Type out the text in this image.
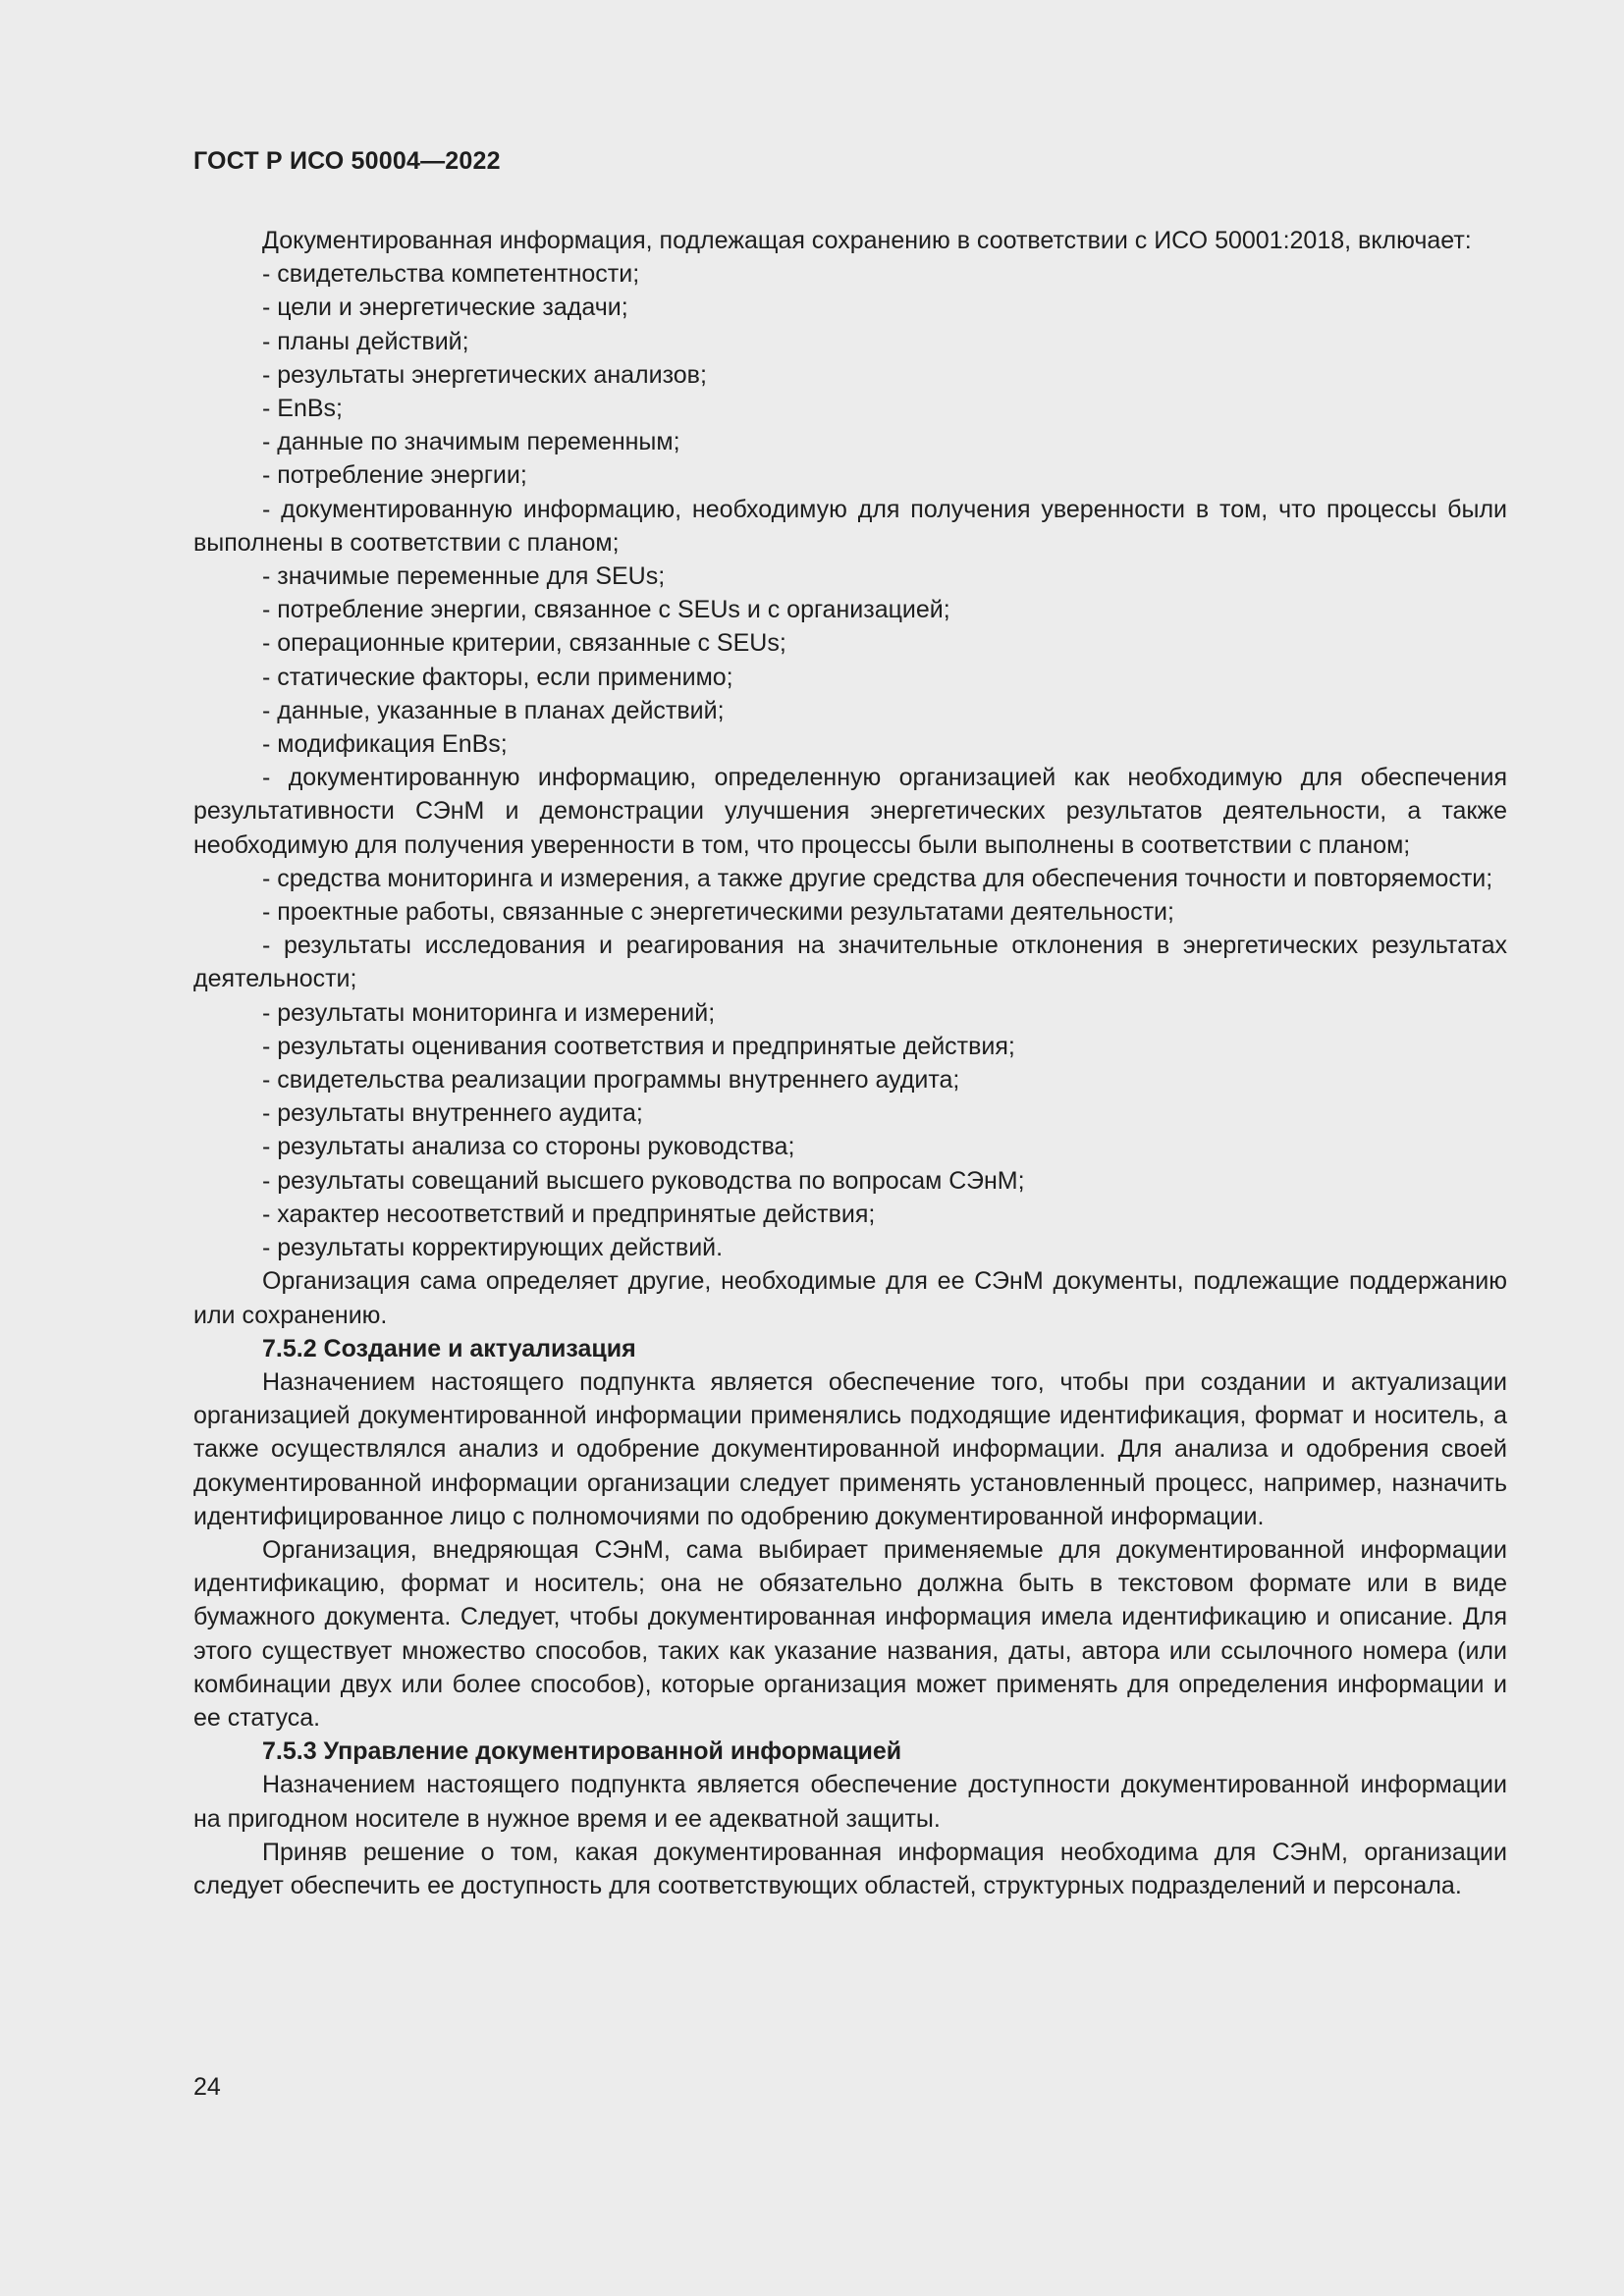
ГОСТ Р ИСО 50004—2022

Документированная информация, подлежащая сохранению в соответствии с ИСО 50001:2018, включает:

- свидетельства компетентности;

- цели и энергетические задачи;

- планы действий;

- результаты энергетических анализов;

- EnBs;

- данные по значимым переменным;

- потребление энергии;

- документированную информацию, необходимую для получения уверенности в том, что процессы были выполнены в соответствии с планом;

- значимые переменные для SEUs;

- потребление энергии, связанное с SEUs и с организацией;

- операционные критерии, связанные с SEUs;

- статические факторы, если применимо;

- данные, указанные в планах действий;

- модификация EnBs;

- документированную информацию, определенную организацией как необходимую для обеспечения результативности СЭнМ и демонстрации улучшения энергетических результатов деятельности, а также необходимую для получения уверенности в том, что процессы были выполнены в соответствии с планом;

- средства мониторинга и измерения, а также другие средства для обеспечения точности и повторяемости;

- проектные работы, связанные с энергетическими результатами деятельности;

- результаты исследования и реагирования на значительные отклонения в энергетических результатах деятельности;

- результаты мониторинга и измерений;

- результаты оценивания соответствия и предпринятые действия;

- свидетельства реализации программы внутреннего аудита;

- результаты внутреннего аудита;

- результаты анализа со стороны руководства;

- результаты совещаний высшего руководства по вопросам СЭнМ;

- характер несоответствий и предпринятые действия;

- результаты корректирующих действий.

Организация сама определяет другие, необходимые для ее СЭнМ документы, подлежащие поддержанию или сохранению.

7.5.2 Создание и актуализация

Назначением настоящего подпункта является обеспечение того, чтобы при создании и актуализации организацией документированной информации применялись подходящие идентификация, формат и носитель, а также осуществлялся анализ и одобрение документированной информации. Для анализа и одобрения своей документированной информации организации следует применять установленный процесс, например, назначить идентифицированное лицо с полномочиями по одобрению документированной информации.

Организация, внедряющая СЭнМ, сама выбирает применяемые для документированной информации идентификацию, формат и носитель; она не обязательно должна быть в текстовом формате или в виде бумажного документа. Следует, чтобы документированная информация имела идентификацию и описание. Для этого существует множество способов, таких как указание названия, даты, автора или ссылочного номера (или комбинации двух или более способов), которые организация может применять для определения информации и ее статуса.

7.5.3 Управление документированной информацией

Назначением настоящего подпункта является обеспечение доступности документированной информации на пригодном носителе в нужное время и ее адекватной защиты.

Приняв решение о том, какая документированная информация необходима для СЭнМ, организации следует обеспечить ее доступность для соответствующих областей, структурных подразделений и персонала.

24
